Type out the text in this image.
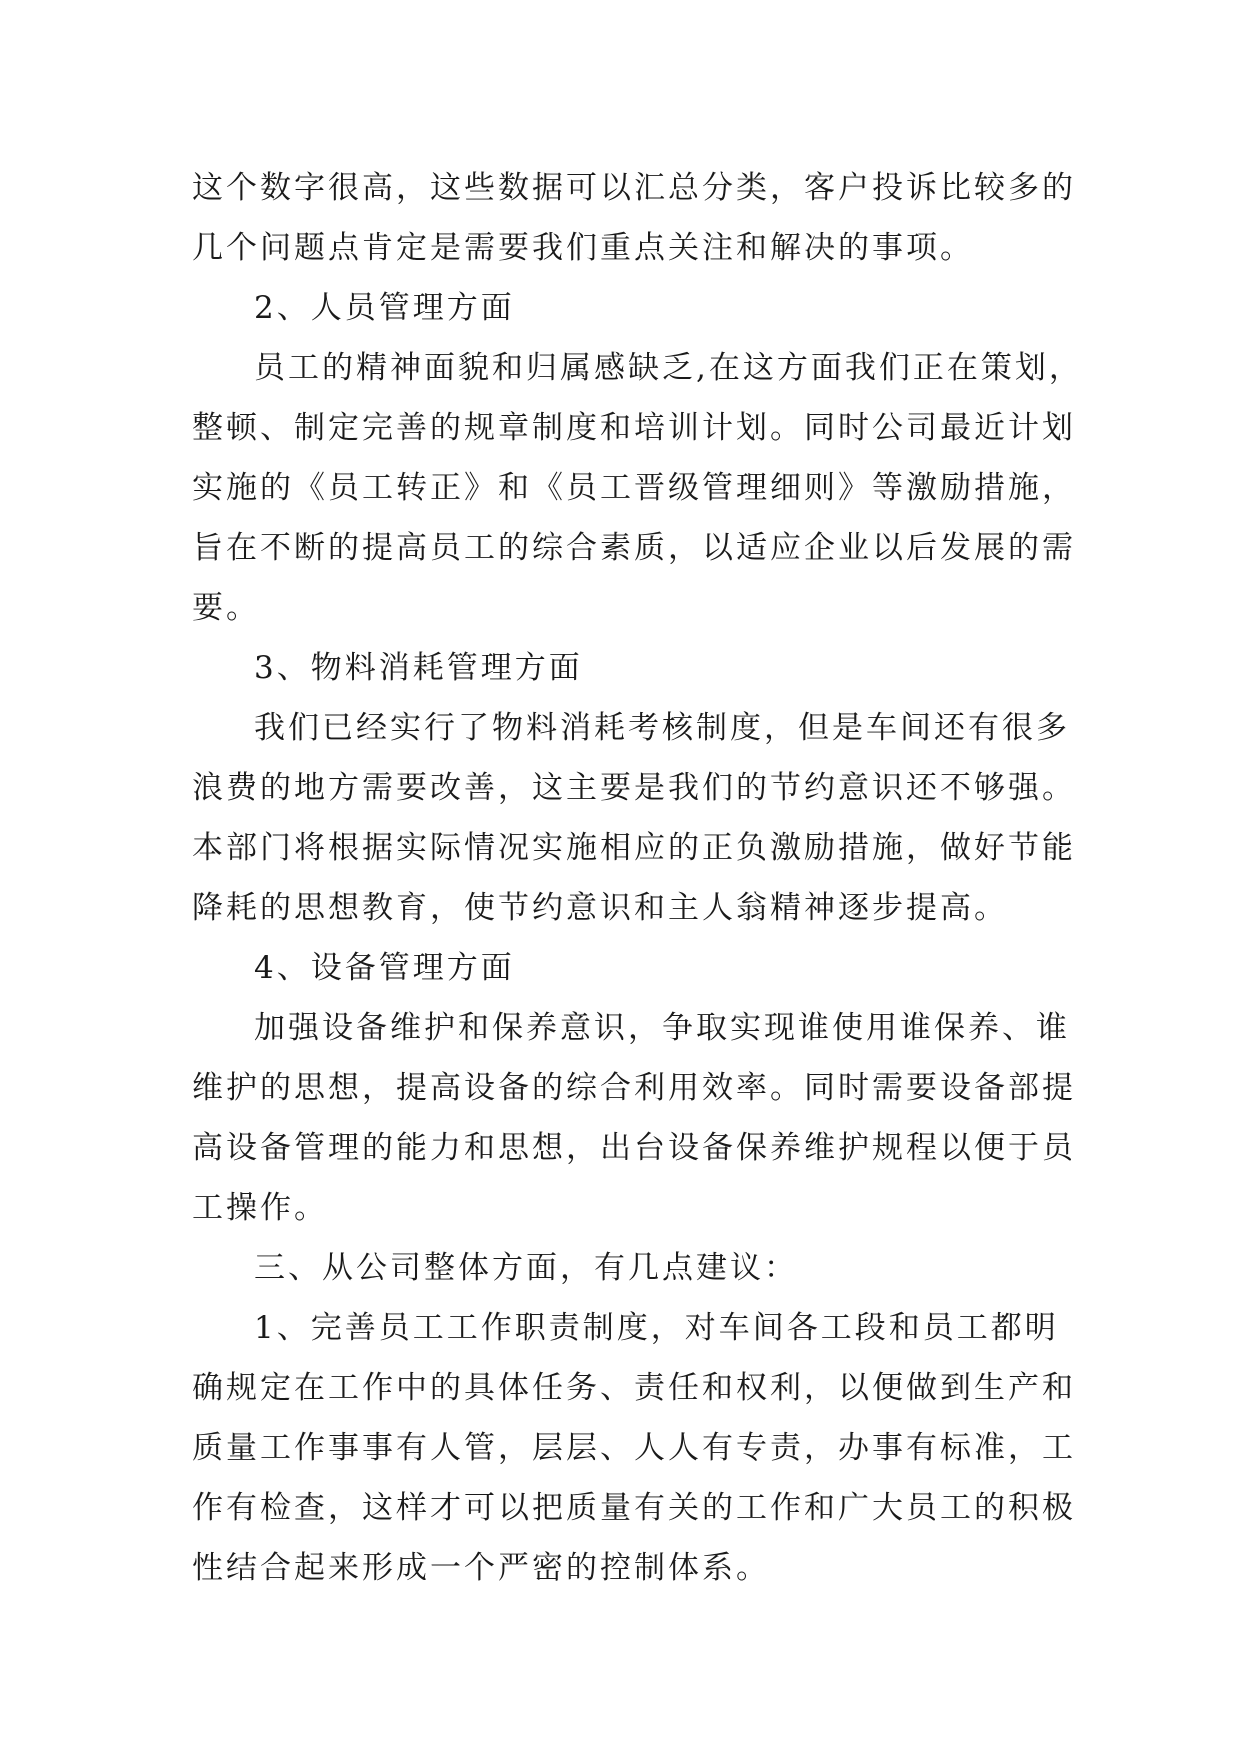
这个数字很高，这些数据可以汇总分类，客户投诉比较多的
几个问题点肯定是需要我们重点关注和解决的事项。
2、人员管理方面
员工的精神面貌和归属感缺乏,在这方面我们正在策划，
整顿、制定完善的规章制度和培训计划。同时公司最近计划
实施的《员工转正》和《员工晋级管理细则》等激励措施，
旨在不断的提高员工的综合素质，以适应企业以后发展的需
要。
3、物料消耗管理方面
我们已经实行了物料消耗考核制度，但是车间还有很多
浪费的地方需要改善，这主要是我们的节约意识还不够强。
本部门将根据实际情况实施相应的正负激励措施，做好节能
降耗的思想教育，使节约意识和主人翁精神逐步提高。
4、设备管理方面
加强设备维护和保养意识，争取实现谁使用谁保养、谁
维护的思想，提高设备的综合利用效率。同时需要设备部提
高设备管理的能力和思想，出台设备保养维护规程以便于员
工操作。
三、从公司整体方面，有几点建议：
1、完善员工工作职责制度，对车间各工段和员工都明
确规定在工作中的具体任务、责任和权利，以便做到生产和
质量工作事事有人管，层层、人人有专责，办事有标准，工
作有检查，这样才可以把质量有关的工作和广大员工的积极
性结合起来形成一个严密的控制体系。
